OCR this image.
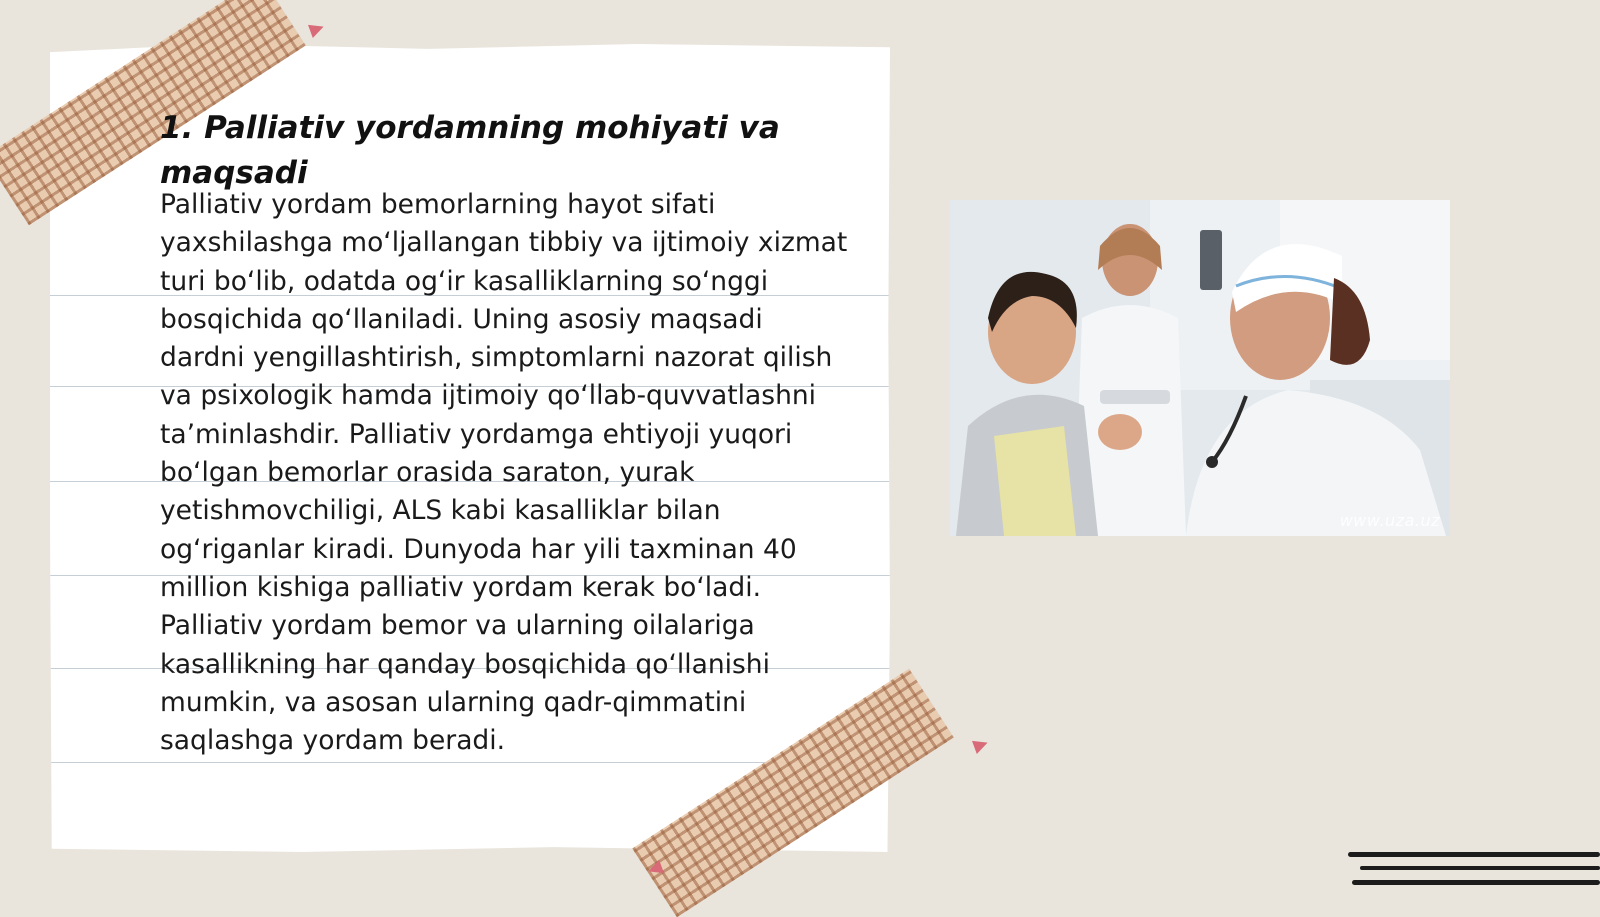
1. Palliativ yordamning mohiyati va maqsadi

Palliativ yordam bemorlarning hayot sifati yaxshilashga mo‘ljallangan tibbiy va ijtimoiy xizmat turi bo‘lib, odatda og‘ir kasalliklarning so‘nggi bosqichida qo‘llaniladi. Uning asosiy maqsadi dardni yengillashtirish, simptomlarni nazorat qilish va psixologik hamda ijtimoiy qo‘llab-quvvatlashni ta’minlashdir. Palliativ yordamga ehtiyoji yuqori bo‘lgan bemorlar orasida saraton, yurak yetishmovchiligi, ALS kabi kasalliklar bilan og‘riganlar kiradi. Dunyoda har yili taxminan 40 million kishiga palliativ yordam kerak bo‘ladi. Palliativ yordam bemor va ularning oilalariga kasallikning har qanday bosqichida qo‘llanishi mumkin, va asosan ularning qadr-qimmatini saqlashga yordam beradi.

www.uza.uz
